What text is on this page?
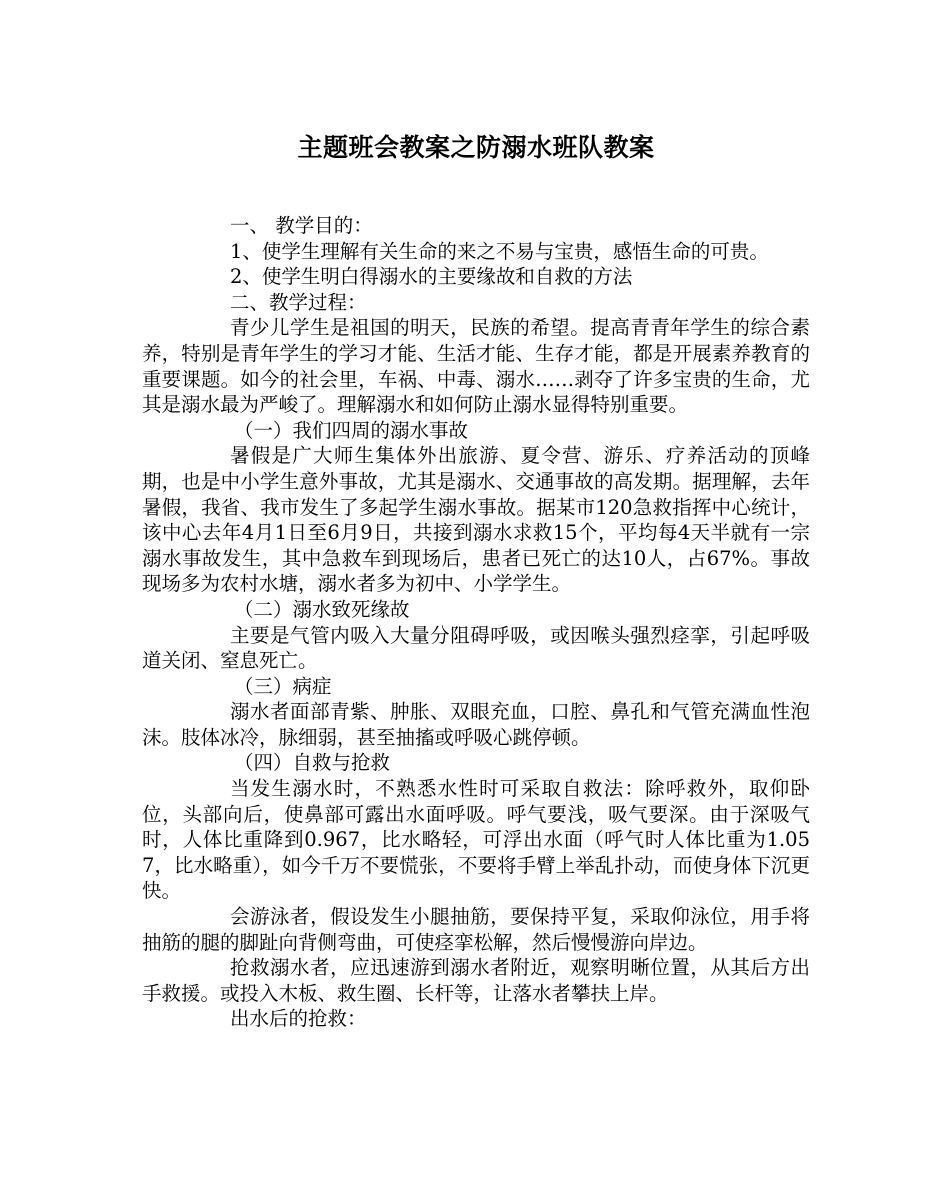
主题班会教案之防溺水班队教案

一、 教学目的：

1、使学生理解有关生命的来之不易与宝贵，感悟生命的可贵。

2、使学生明白得溺水的主要缘故和自救的方法

二、教学过程：

青少儿学生是祖国的明天，民族的希望。提高青青年学生的综合素养，特别是青年学生的学习才能、生活才能、生存才能，都是开展素养教育的重要课题。如今的社会里，车祸、中毒、溺水……剥夺了许多宝贵的生命，尤其是溺水最为严峻了。理解溺水和如何防止溺水显得特别重要。

（一）我们四周的溺水事故

暑假是广大师生集体外出旅游、夏令营、游乐、疗养活动的顶峰期，也是中小学生意外事故，尤其是溺水、交通事故的高发期。据理解，去年暑假，我省、我市发生了多起学生溺水事故。据某市120急救指挥中心统计，该中心去年4月1日至6月9日，共接到溺水求救15个，平均每4天半就有一宗溺水事故发生，其中急救车到现场后，患者已死亡的达10人，占67%。事故现场多为农村水塘，溺水者多为初中、小学学生。

（二）溺水致死缘故

主要是气管内吸入大量分阻碍呼吸，或因喉头强烈痉挛，引起呼吸道关闭、窒息死亡。

（三）病症

溺水者面部青紫、肿胀、双眼充血，口腔、鼻孔和气管充满血性泡沫。肢体冰冷，脉细弱，甚至抽搐或呼吸心跳停顿。

（四）自救与抢救

当发生溺水时，不熟悉水性时可采取自救法：除呼救外，取仰卧位，头部向后，使鼻部可露出水面呼吸。呼气要浅，吸气要深。由于深吸气时，人体比重降到0.967，比水略轻，可浮出水面（呼气时人体比重为1.057，比水略重），如今千万不要慌张，不要将手臂上举乱扑动，而使身体下沉更快。

会游泳者，假设发生小腿抽筋，要保持平复，采取仰泳位，用手将抽筋的腿的脚趾向背侧弯曲，可使痉挛松解，然后慢慢游向岸边。

抢救溺水者，应迅速游到溺水者附近，观察明晰位置，从其后方出手救援。或投入木板、救生圈、长杆等，让落水者攀扶上岸。

出水后的抢救：
